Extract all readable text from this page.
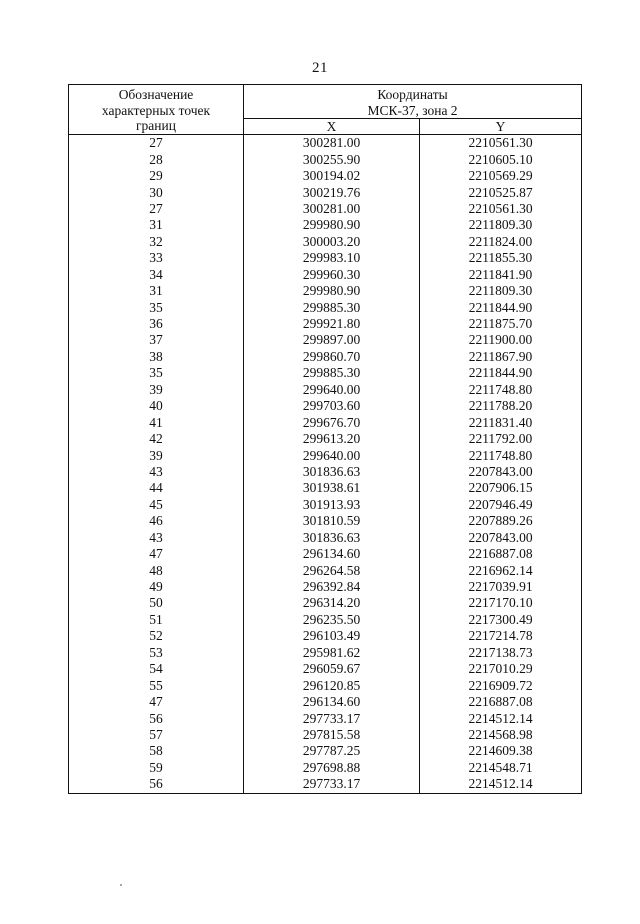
21
Обозначение характерных точек границ	Координаты
МСК-37, зона 2	

	X	Y
27	300281.00	2210561.30
28	300255.90	2210605.10
29	300194.02	2210569.29
30	300219.76	2210525.87
27	300281.00	2210561.30
31	299980.90	2211809.30
32	300003.20	2211824.00
33	299983.10	2211855.30
34	299960.30	2211841.90
31	299980.90	2211809.30
35	299885.30	2211844.90
36	299921.80	2211875.70
37	299897.00	2211900.00
38	299860.70	2211867.90
35	299885.30	2211844.90
39	299640.00	2211748.80
40	299703.60	2211788.20
41	299676.70	2211831.40
42	299613.20	2211792.00
39	299640.00	2211748.80
43	301836.63	2207843.00
44	301938.61	2207906.15
45	301913.93	2207946.49
46	301810.59	2207889.26
43	301836.63	2207843.00
47	296134.60	2216887.08
48	296264.58	2216962.14
49	296392.84	2217039.91
50	296314.20	2217170.10
51	296235.50	2217300.49
52	296103.49	2217214.78
53	295981.62	2217138.73
54	296059.67	2217010.29
55	296120.85	2216909.72
47	296134.60	2216887.08
56	297733.17	2214512.14
57	297815.58	2214568.98
58	297787.25	2214609.38
59	297698.88	2214548.71
56	297733.17	2214512.14
